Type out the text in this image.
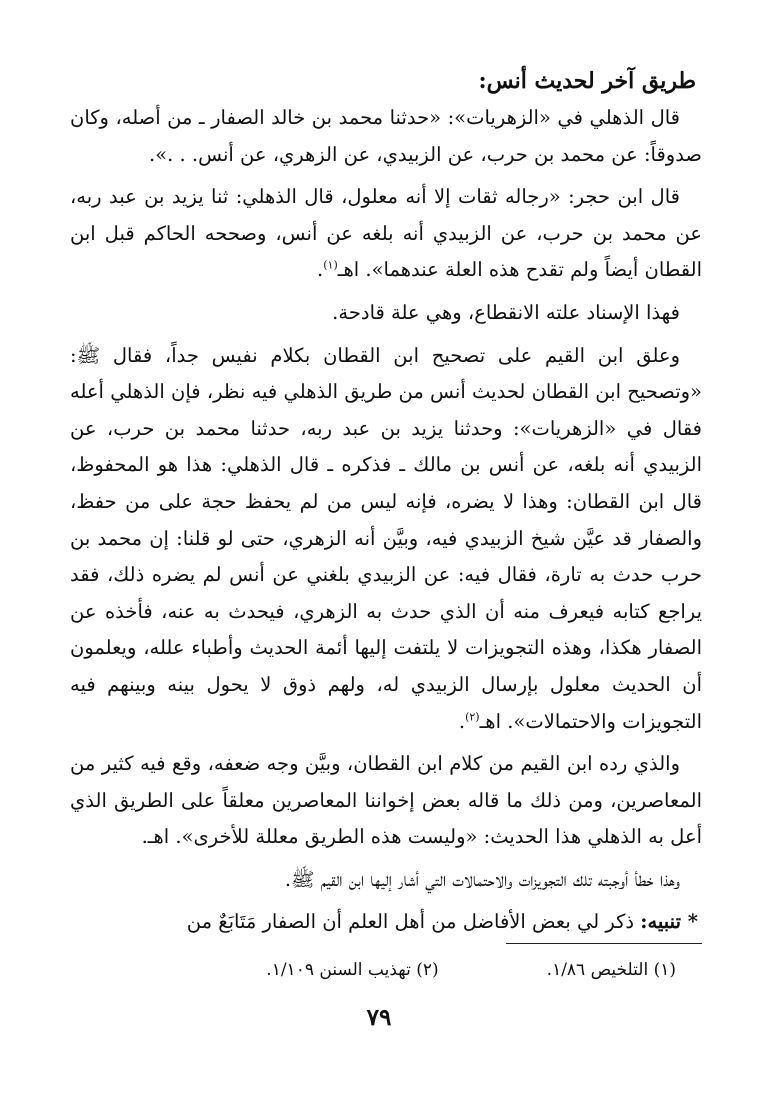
طريق آخر لحديث أنس:

قال الذهلي في «الزهريات»: «حدثنا محمد بن خالد الصفار ـ من أصله، وكان صدوقاً: عن محمد بن حرب، عن الزبيدي، عن الزهري، عن أنس. . .».

قال ابن حجر: «رجاله ثقات إلا أنه معلول، قال الذهلي: ثنا يزيد بن عبد ربه، عن محمد بن حرب، عن الزبيدي أنه بلغه عن أنس، وصححه الحاكم قبل ابن القطان أيضاً ولم تقدح هذه العلة عندهما». اهـ$^{(١)}$.

فهذا الإسناد علته الانقطاع، وهي علة قادحة.

وعلق ابن القيم على تصحيح ابن القطان بكلام نفيس جداً، فقال ﷺ: «وتصحيح ابن القطان لحديث أنس من طريق الذهلي فيه نظر، فإن الذهلي أعله فقال في «الزهريات»: وحدثنا يزيد بن عبد ربه، حدثنا محمد بن حرب، عن الزبيدي أنه بلغه، عن أنس بن مالك ـ فذكره ـ قال الذهلي: هذا هو المحفوظ، قال ابن القطان: وهذا لا يضره، فإنه ليس من لم يحفظ حجة على من حفظ، والصفار قد عيَّن شيخ الزبيدي فيه، وبيَّن أنه الزهري، حتى لو قلنا: إن محمد بن حرب حدث به تارة، فقال فيه: عن الزبيدي بلغني عن أنس لم يضره ذلك، فقد يراجع كتابه فيعرف منه أن الذي حدث به الزهري، فيحدث به عنه، فأخذه عن الصفار هكذا، وهذه التجويزات لا يلتفت إليها أئمة الحديث وأطباء علله، ويعلمون أن الحديث معلول بإرسال الزبيدي له، ولهم ذوق لا يحول بينه وبينهم فيه التجويزات والاحتمالات». اهـ$^{(٢)}$.

والذي رده ابن القيم من كلام ابن القطان، وبيَّن وجه ضعفه، وقع فيه كثير من المعاصرين، ومن ذلك ما قاله بعض إخواننا المعاصرين معلقاً على الطريق الذي أعل به الذهلي هذا الحديث: «وليست هذه الطريق معللة للأخرى». اهـ.

وهذا خطأ أوجبته تلك التجويزات والاحتمالات التي أشار إليها ابن القيم ﷺ.

* تنبيه: ذكر لي بعض الأفاضل من أهل العلم أن الصفار مَتَابَعٌ من

(١) التلخيص ١/٨٦.
(٢) تهذيب السنن ١/١٠٩.
٧٩
